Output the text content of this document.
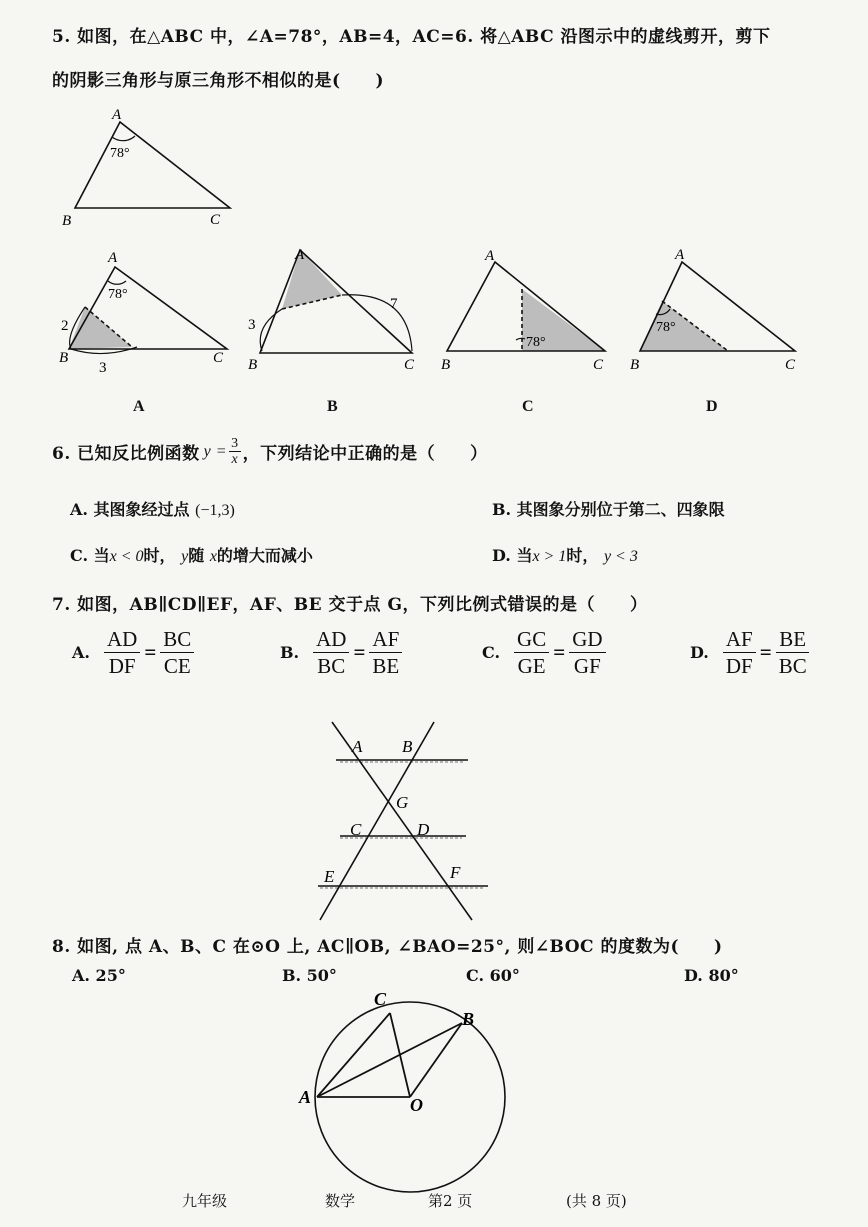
5. 如图，在△ABC 中，∠A=78°，AB=4，AC=6. 将△ABC 沿图示中的虚线剪开，剪下
的阴影三角形与原三角形不相似的是(　　)
A
78°
B	C
A
78°
2
3
B	C
A
A
3
7
B	C
B
A
78°
B	C
C
A
78°
B	C
D
6. 已知反比例函数 $y = \frac{3}{x}$ ，下列结论中正确的是（　　）
A. 其图象经过点 (−1,3)	B. 其图象分别位于第二、四象限
C. 当x < 0时， y随 x的增大而减小	D. 当x > 1时， y < 3
7. 如图，AB∥CD∥EF，AF、BE 交于点 G，下列比例式错误的是（　　）
A. $\frac{AD}{DF} = \frac{BC}{CE}$	B. $\frac{AD}{BC} = \frac{AF}{BE}$	C. $\frac{GC}{GE} = \frac{GD}{GF}$	D. $\frac{AF}{DF} = \frac{BE}{BC}$
A B
G
C	D
E	F
8. 如图, 点 A、B、C 在⊙O 上, AC∥OB, ∠BAO=25°, 则∠BOC 的度数为(　　)
A. 25°	B. 50°	C. 60°	D. 80°
C
B
A	O
九年级	数学	第2 页	(共 8 页)
